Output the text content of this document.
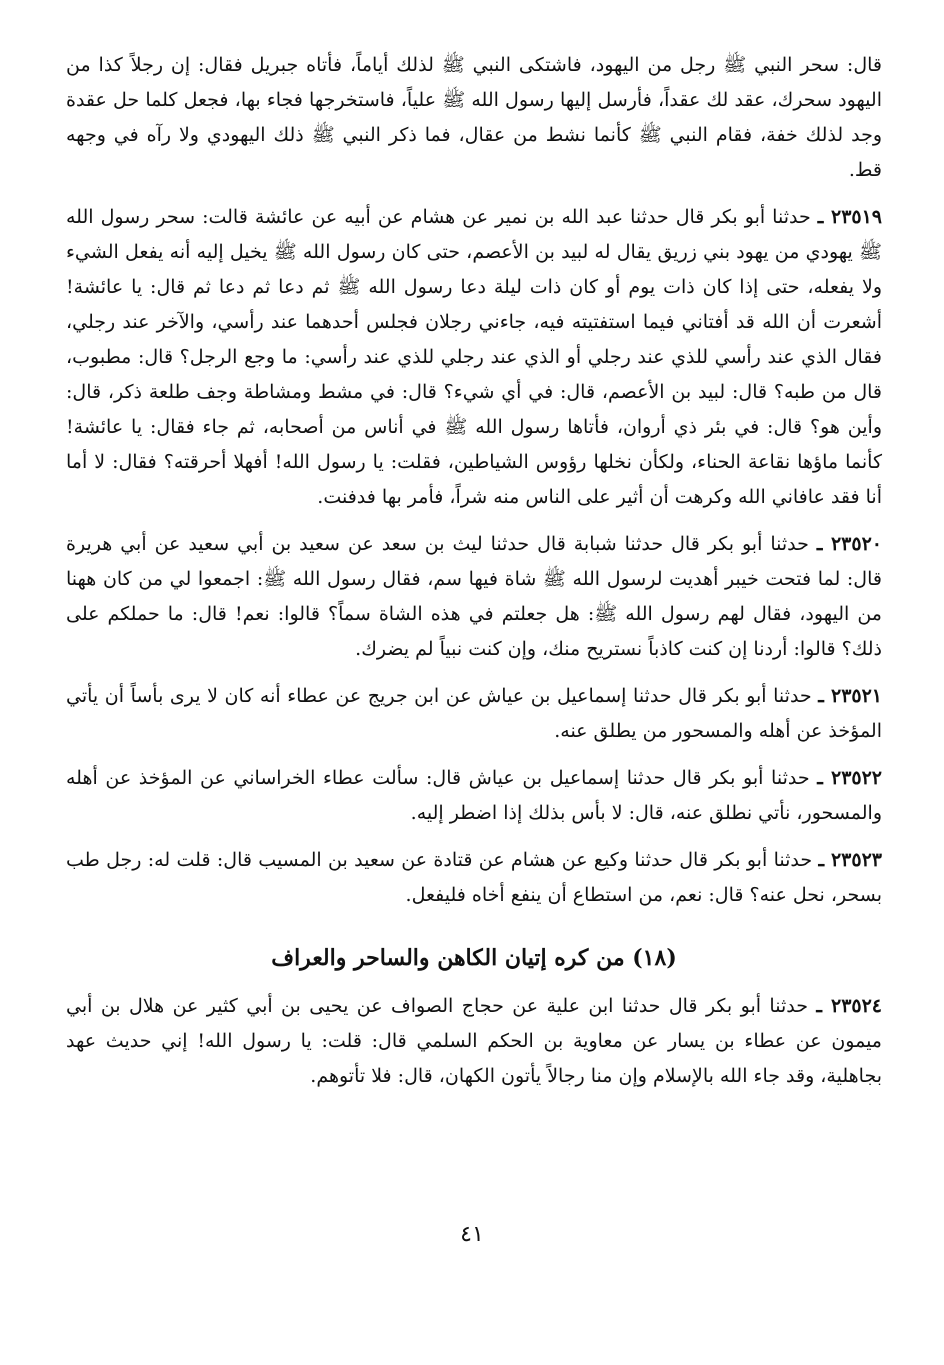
قال: سحر النبي ﷺ رجل من اليهود، فاشتكى النبي ﷺ لذلك أياماً، فأتاه جبريل فقال: إن رجلاً كذا من اليهود سحرك، عقد لك عقداً، فأرسل إليها رسول الله ﷺ علياً، فاستخرجها فجاء بها، فجعل كلما حل عقدة وجد لذلك خفة، فقام النبي ﷺ كأنما نشط من عقال، فما ذكر النبي ﷺ ذلك اليهودي ولا رآه في وجهه قط.

٢٣٥١٩ ـ حدثنا أبو بكر قال حدثنا عبد الله بن نمير عن هشام عن أبيه عن عائشة قالت: سحر رسول الله ﷺ يهودي من يهود بني زريق يقال له لبيد بن الأعصم، حتى كان رسول الله ﷺ يخيل إليه أنه يفعل الشيء ولا يفعله، حتى إذا كان ذات يوم أو كان ذات ليلة دعا رسول الله ﷺ ثم دعا ثم دعا ثم قال: يا عائشة! أشعرت أن الله قد أفتاني فيما استفتيته فيه، جاءني رجلان فجلس أحدهما عند رأسي، والآخر عند رجلي، فقال الذي عند رأسي للذي عند رجلي أو الذي عند رجلي للذي عند رأسي: ما وجع الرجل؟ قال: مطبوب، قال من طبه؟ قال: لبيد بن الأعصم، قال: في أي شيء؟ قال: في مشط ومشاطة وجف طلعة ذكر، قال: وأين هو؟ قال: في بئر ذي أروان، فأتاها رسول الله ﷺ في أناس من أصحابه، ثم جاء فقال: يا عائشة! كأنما ماؤها نقاعة الحناء، ولكأن نخلها رؤوس الشياطين، فقلت: يا رسول الله! أفهلا أحرقته؟ فقال: لا أما أنا فقد عافاني الله وكرهت أن أثير على الناس منه شراً، فأمر بها فدفنت.

٢٣٥٢٠ ـ حدثنا أبو بكر قال حدثنا شبابة قال حدثنا ليث بن سعد عن سعيد بن أبي سعيد عن أبي هريرة قال: لما فتحت خيبر أهديت لرسول الله ﷺ شاة فيها سم، فقال رسول الله ﷺ: اجمعوا لي من كان ههنا من اليهود، فقال لهم رسول الله ﷺ: هل جعلتم في هذه الشاة سماً؟ قالوا: نعم! قال: ما حملكم على ذلك؟ قالوا: أردنا إن كنت كاذباً نستريح منك، وإن كنت نبياً لم يضرك.

٢٣٥٢١ ـ حدثنا أبو بكر قال حدثنا إسماعيل بن عياش عن ابن جريج عن عطاء أنه كان لا يرى بأساً أن يأتي المؤخذ عن أهله والمسحور من يطلق عنه.

٢٣٥٢٢ ـ حدثنا أبو بكر قال حدثنا إسماعيل بن عياش قال: سألت عطاء الخراساني عن المؤخذ عن أهله والمسحور، نأتي نطلق عنه، قال: لا بأس بذلك إذا اضطر إليه.

٢٣٥٢٣ ـ حدثنا أبو بكر قال حدثنا وكيع عن هشام عن قتادة عن سعيد بن المسيب قال: قلت له: رجل طب بسحر، نحل عنه؟ قال: نعم، من استطاع أن ينفع أخاه فليفعل.

(١٨) من كره إتيان الكاهن والساحر والعراف

٢٣٥٢٤ ـ حدثنا أبو بكر قال حدثنا ابن علية عن حجاج الصواف عن يحيى بن أبي كثير عن هلال بن أبي ميمون عن عطاء بن يسار عن معاوية بن الحكم السلمي قال: قلت: يا رسول الله! إني حديث عهد بجاهلية، وقد جاء الله بالإسلام وإن منا رجالاً يأتون الكهان، قال: فلا تأتوهم.

٤١
